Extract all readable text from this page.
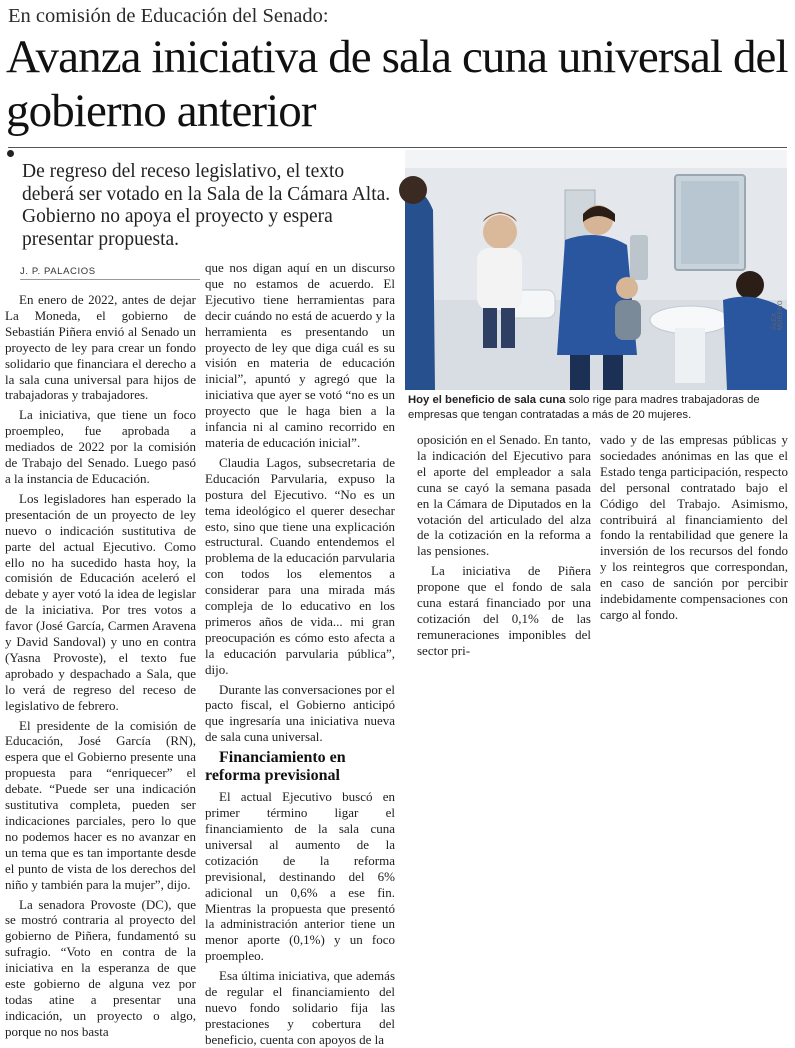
En comisión de Educación del Senado:
Avanza iniciativa de sala cuna universal del gobierno anterior
De regreso del receso legislativo, el texto deberá ser votado en la Sala de la Cámara Alta. Gobierno no apoya el proyecto y espera presentar propuesta.
J. P. PALACIOS

En enero de 2022, antes de dejar La Moneda, el gobierno de Sebastián Piñera envió al Senado un proyecto de ley para crear un fondo solidario que financiara el derecho a la sala cuna universal para hijos de trabajadoras y trabajadores.

La iniciativa, que tiene un foco proempleo, fue aprobada a mediados de 2022 por la comisión de Trabajo del Senado. Luego pasó a la instancia de Educación.

Los legisladores han esperado la presentación de un proyecto de ley nuevo o indicación sustitutiva de parte del actual Ejecutivo. Como ello no ha sucedido hasta hoy, la comisión de Educación aceleró el debate y ayer votó la idea de legislar de la iniciativa. Por tres votos a favor (José García, Carmen Aravena y David Sandoval) y uno en contra (Yasna Provoste), el texto fue aprobado y despachado a Sala, que lo verá de regreso del receso de legislativo de febrero.

El presidente de la comisión de Educación, José García (RN), espera que el Gobierno presente una propuesta para “enriquecer” el debate. “Puede ser una indicación sustitutiva completa, pueden ser indicaciones parciales, pero lo que no podemos hacer es no avanzar en un tema que es tan importante desde el punto de vista de los derechos del niño y también para la mujer”, dijo.

La senadora Provoste (DC), que se mostró contraria al proyecto del gobierno de Piñera, fundamentó su sufragio. “Voto en contra de la iniciativa en la esperanza de que este gobierno de alguna vez por todas atine a presentar una indicación, un proyecto o algo, porque no nos basta

que nos digan aquí en un discurso que no estamos de acuerdo. El Ejecutivo tiene herramientas para decir cuándo no está de acuerdo y la herramienta es presentando un proyecto de ley que diga cuál es su visión en materia de educación inicial”, apuntó y agregó que la iniciativa que ayer se votó “no es un proyecto que le haga bien a la infancia ni al camino recorrido en materia de educación inicial”.

Claudia Lagos, subsecretaria de Educación Parvularia, expuso la postura del Ejecutivo. “No es un tema ideológico el querer desechar esto, sino que tiene una explicación estructural. Cuando entendemos el problema de la educación parvularia con todos los elementos a considerar para una mirada más compleja de lo educativo en los primeros años de vida... mi gran preocupación es cómo esto afecta a la educación parvularia pública”, dijo.

Durante las conversaciones por el pacto fiscal, el Gobierno anticipó que ingresaría una iniciativa nueva de sala cuna universal.

Financiamiento en reforma previsional

El actual Ejecutivo buscó en primer término ligar el financiamiento de la sala cuna universal al aumento de la cotización de la reforma previsional, destinando del 6% adicional un 0,6% a ese fin. Mientras la propuesta que presentó la administración anterior tiene un menor aporte (0,1%) y un foco proempleo.

Esa última iniciativa, que además de regular el financiamiento del nuevo fondo solidario fija las prestaciones y cobertura del beneficio, cuenta con apoyos de la

ÁLEX MORENO
Hoy el beneficio de sala cuna solo rige para madres trabajadoras de empresas que tengan contratadas a más de 20 mujeres.

oposición en el Senado. En tanto, la indicación del Ejecutivo para el aporte del empleador a sala cuna se cayó la semana pasada en la Cámara de Diputados en la votación del articulado del alza de la cotización en la reforma a las pensiones.

La iniciativa de Piñera propone que el fondo de sala cuna estará financiado por una cotización del 0,1% de las remuneraciones imponibles del sector pri-

vado y de las empresas públicas y sociedades anónimas en las que el Estado tenga participación, respecto del personal contratado bajo el Código del Trabajo. Asimismo, contribuirá al financiamiento del fondo la rentabilidad que genere la inversión de los recursos del fondo y los reintegros que correspondan, en caso de sanción por percibir indebidamente compensaciones con cargo al fondo.
